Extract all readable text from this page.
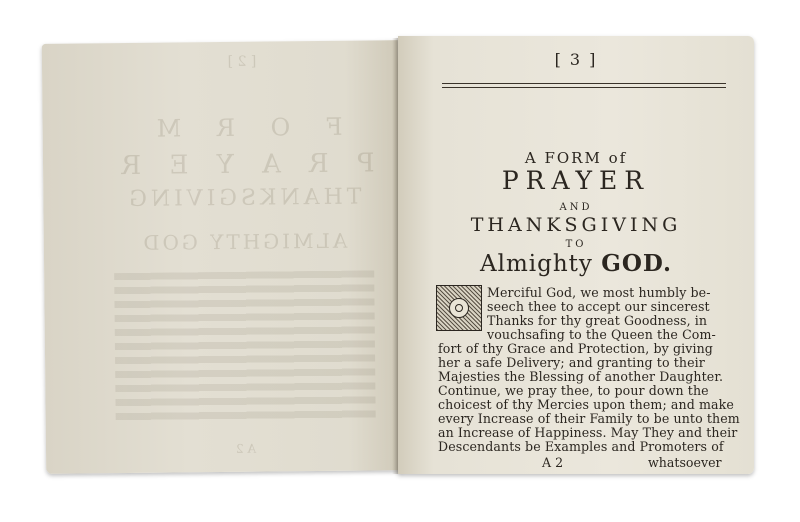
[ 2 ]
F O R M
P R A Y E R
THANKSGIVING
ALMIGHTY GOD
A 2
[ 3 ]
A FORM of
PRAYER
AND
THANKSGIVING
TO
Almighty GOD.
Merciful God, we most humbly be-
seech thee to accept our sincerest
Thanks for thy great Goodness, in
vouchsafing to the Queen the Com-
fort of thy Grace and Protection, by giving
her a safe Delivery; and granting to their
Majesties the Blessing of another Daughter.
Continue, we pray thee, to pour down the
choicest of thy Mercies upon them; and make
every Increase of their Family to be unto them
an Increase of Happiness. May They and their
Descendants be Examples and Promoters of
A 2	whatsoever
